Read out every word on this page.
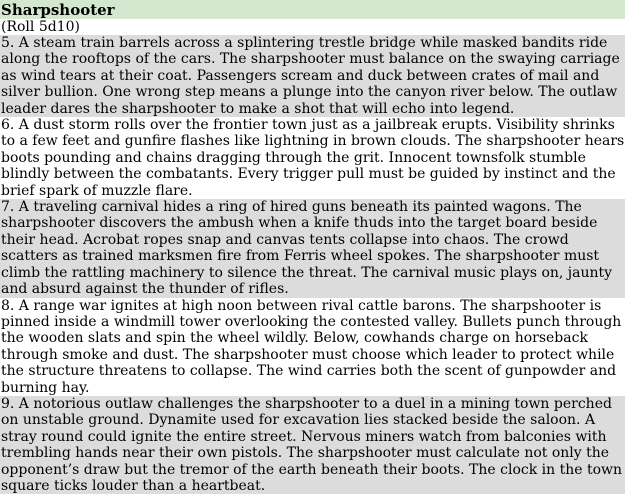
Sharpshooter
(Roll 5d10)
5. A steam train barrels across a splintering trestle bridge while masked bandits ride along the rooftops of the cars. The sharpshooter must balance on the swaying carriage as wind tears at their coat. Passengers scream and duck between crates of mail and silver bullion. One wrong step means a plunge into the canyon river below. The outlaw leader dares the sharpshooter to make a shot that will echo into legend.
6. A dust storm rolls over the frontier town just as a jailbreak erupts. Visibility shrinks to a few feet and gunfire flashes like lightning in brown clouds. The sharpshooter hears boots pounding and chains dragging through the grit. Innocent townsfolk stumble blindly between the combatants. Every trigger pull must be guided by instinct and the brief spark of muzzle flare.
7. A traveling carnival hides a ring of hired guns beneath its painted wagons. The sharpshooter discovers the ambush when a knife thuds into the target board beside their head. Acrobat ropes snap and canvas tents collapse into chaos. The crowd scatters as trained marksmen fire from Ferris wheel spokes. The sharpshooter must climb the rattling machinery to silence the threat. The carnival music plays on, jaunty and absurd against the thunder of rifles.
8. A range war ignites at high noon between rival cattle barons. The sharpshooter is pinned inside a windmill tower overlooking the contested valley. Bullets punch through the wooden slats and spin the wheel wildly. Below, cowhands charge on horseback through smoke and dust. The sharpshooter must choose which leader to protect while the structure threatens to collapse. The wind carries both the scent of gunpowder and burning hay.
9. A notorious outlaw challenges the sharpshooter to a duel in a mining town perched on unstable ground. Dynamite used for excavation lies stacked beside the saloon. A stray round could ignite the entire street. Nervous miners watch from balconies with trembling hands near their own pistols. The sharpshooter must calculate not only the opponent’s draw but the tremor of the earth beneath their boots. The clock in the town square ticks louder than a heartbeat.
